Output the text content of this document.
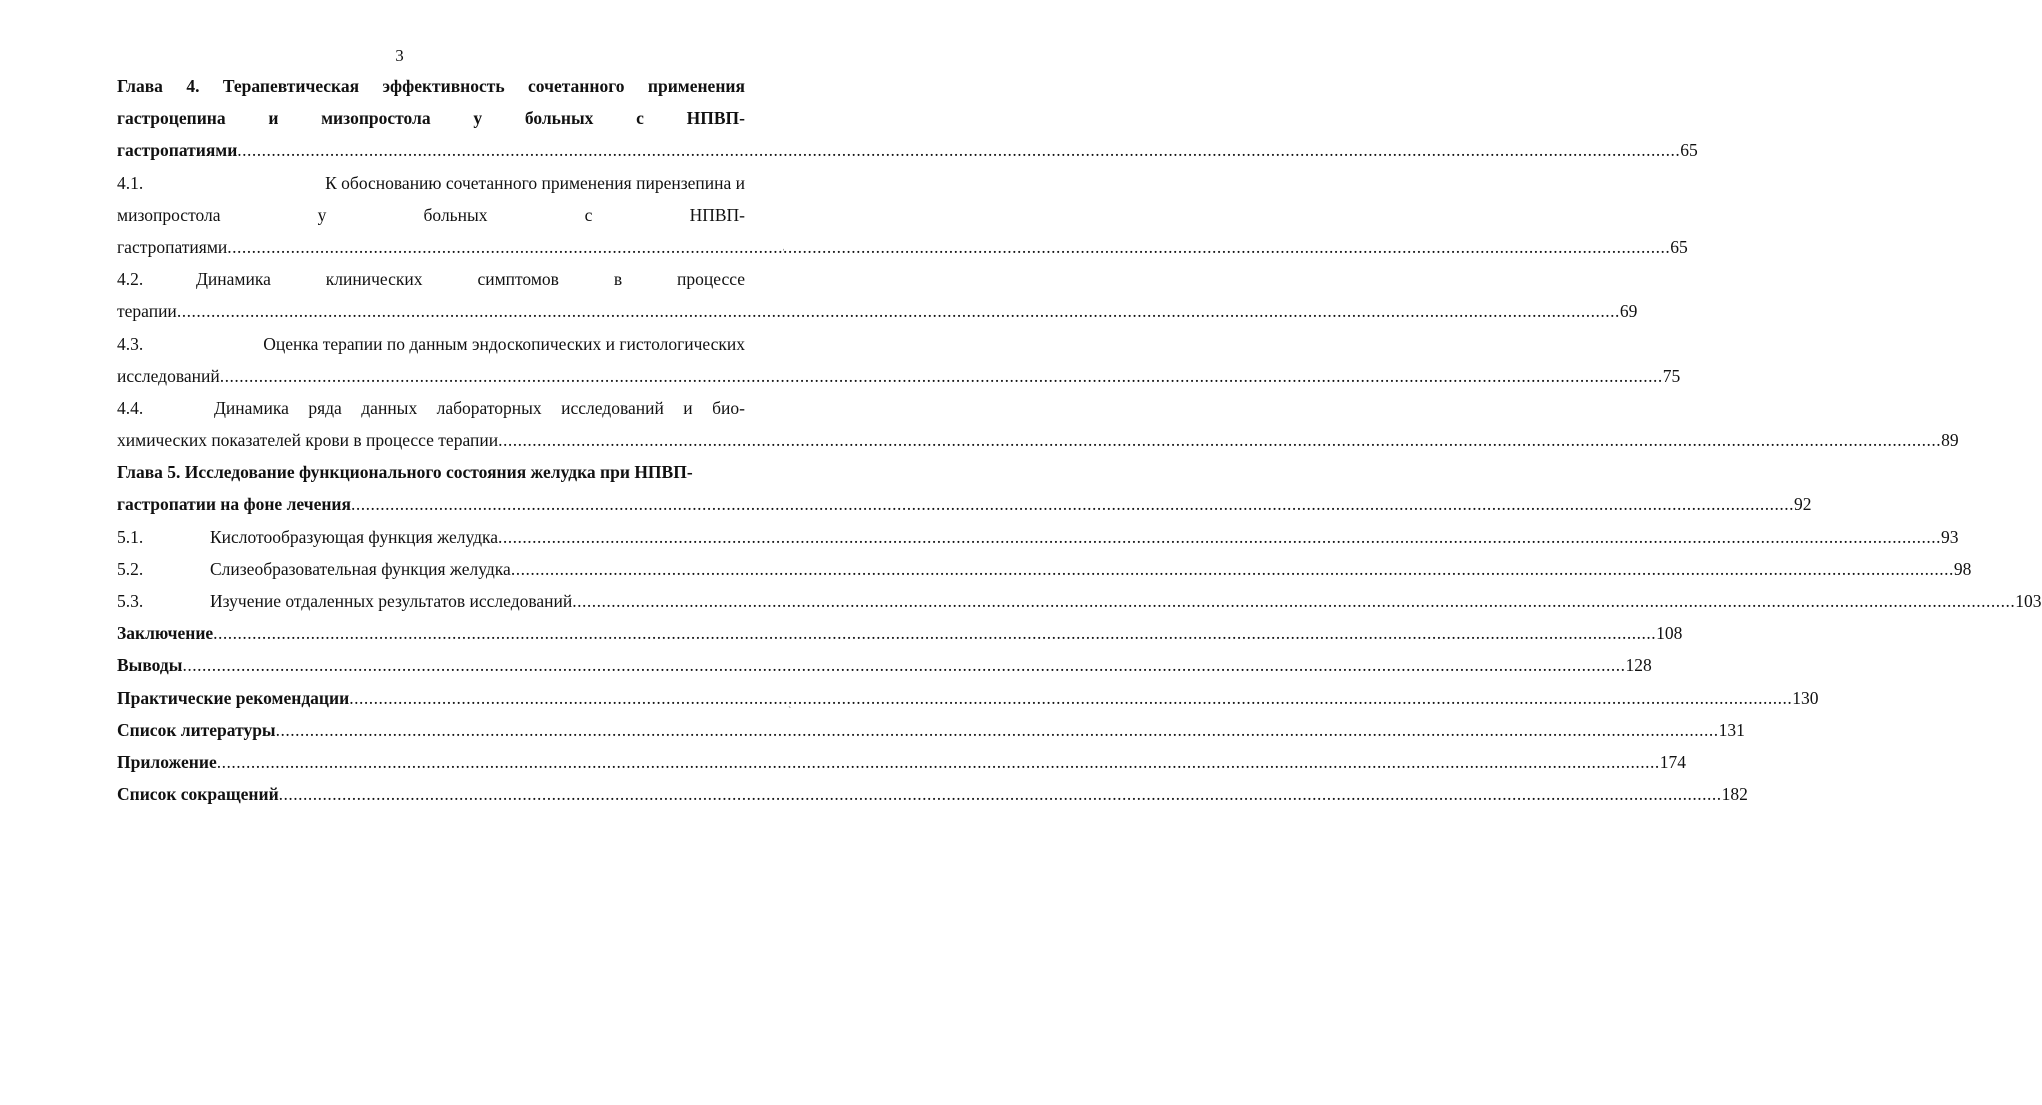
3
Глава 4. Терапевтическая эффективность сочетанного применения
гастроцепина и мизопростола у больных с НПВП-
гастропатиями .....	65
4.1.	К обоснованию сочетанного применения пирензепина и
мизопростола	у	больных	с	НПВП-
гастропатиями .....	65
4.2.	Динамика	клинических	симптомов	в	процессе
терапии .....	69
4.3.	Оценка терапии по данным эндоскопических и гистологических
исследований .....	75
4.4.	Динамика ряда данных лабораторных исследований и био-
химических показателей крови в процессе терапии .....	89
Глава 5. Исследование функционального состояния желудка при НПВП-
гастропатии на фоне лечения .....	92
5.1.	Кислотообразующая функция желудка .....	93
5.2.	Слизеобразовательная функция желудка .....	98
5.3.	Изучение отдаленных результатов исследований .....	103
Заключение .....	108
Выводы .....	128
Практические рекомендации .....	130
Список литературы .....	131
Приложение .....	174
Список сокращений .....	182
ˌ
ˋ
